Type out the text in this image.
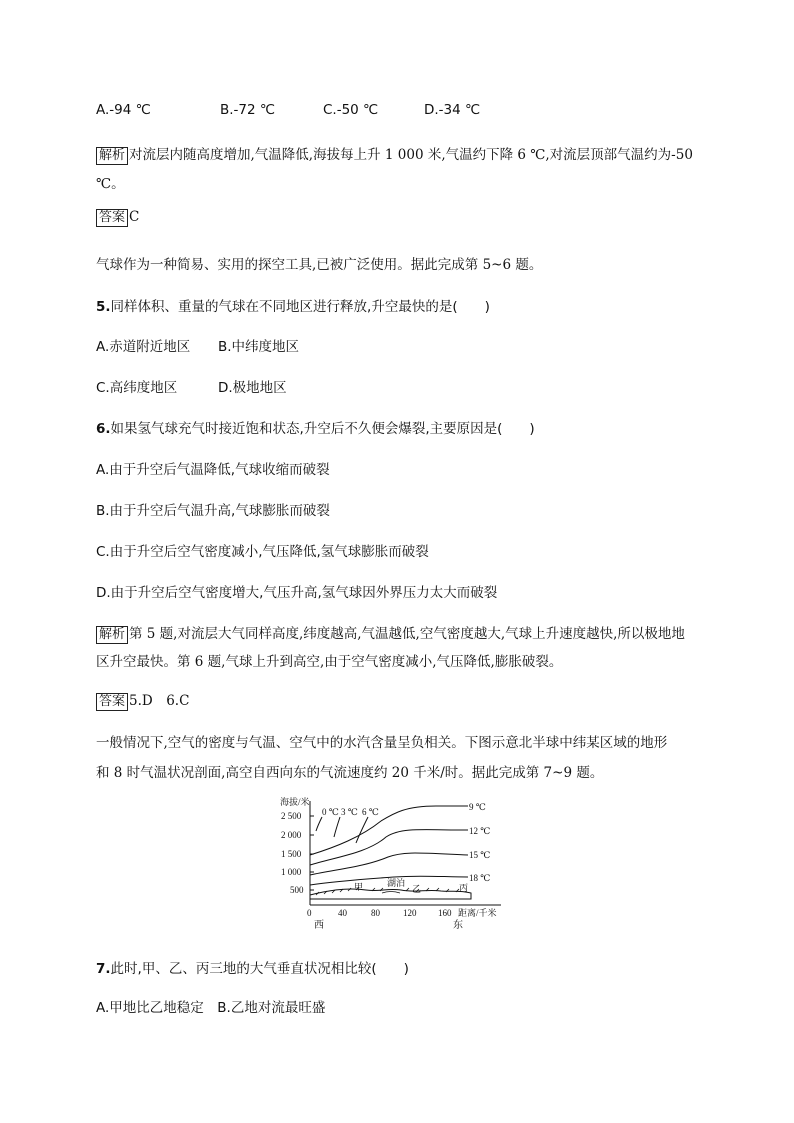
A.-94 ℃	B.-72 ℃	C.-50 ℃	D.-34 ℃
解析 对流层内随高度增加,气温降低,海拔每上升 1 000 米,气温约下降 6 ℃,对流层顶部气温约为-50
℃。
答案 C
气球作为一种简易、实用的探空工具,已被广泛使用。据此完成第 5~6 题。
5.同样体积、重量的气球在不同地区进行释放,升空最快的是(　　)
A.赤道附近地区 B.中纬度地区
C.高纬度地区	D.极地地区
6.如果氢气球充气时接近饱和状态,升空后不久便会爆裂,主要原因是(　　)
A.由于升空后气温降低,气球收缩而破裂
B.由于升空后气温升高,气球膨胀而破裂
C.由于升空后空气密度减小,气压降低,氢气球膨胀而破裂
D.由于升空后空气密度增大,气压升高,氢气球因外界压力太大而破裂
解析 第 5 题,对流层大气同样高度,纬度越高,气温越低,空气密度越大,气球上升速度越快,所以极地地
区升空最快。第 6 题,气球上升到高空,由于空气密度减小,气压降低,膨胀破裂。
答案 5.D　6.C
一般情况下,空气的密度与气温、空气中的水汽含量呈负相关。下图示意北半球中纬某区域的地形
和 8 时气温状况剖面,高空自西向东的气流速度约 20 千米/时。据此完成第 7~9 题。
海拔/米
2 500
2 000
1 500
1 000
500
0	40	80	120 160 距离/千米
西	东
0 ℃ 3 ℃ 6 ℃	9 ℃
12 ℃
15 ℃
18 ℃
甲	湖泊
乙	丙
7.此时,甲、乙、丙三地的大气垂直状况相比较(　　)
A.甲地比乙地稳定　B.乙地对流最旺盛
